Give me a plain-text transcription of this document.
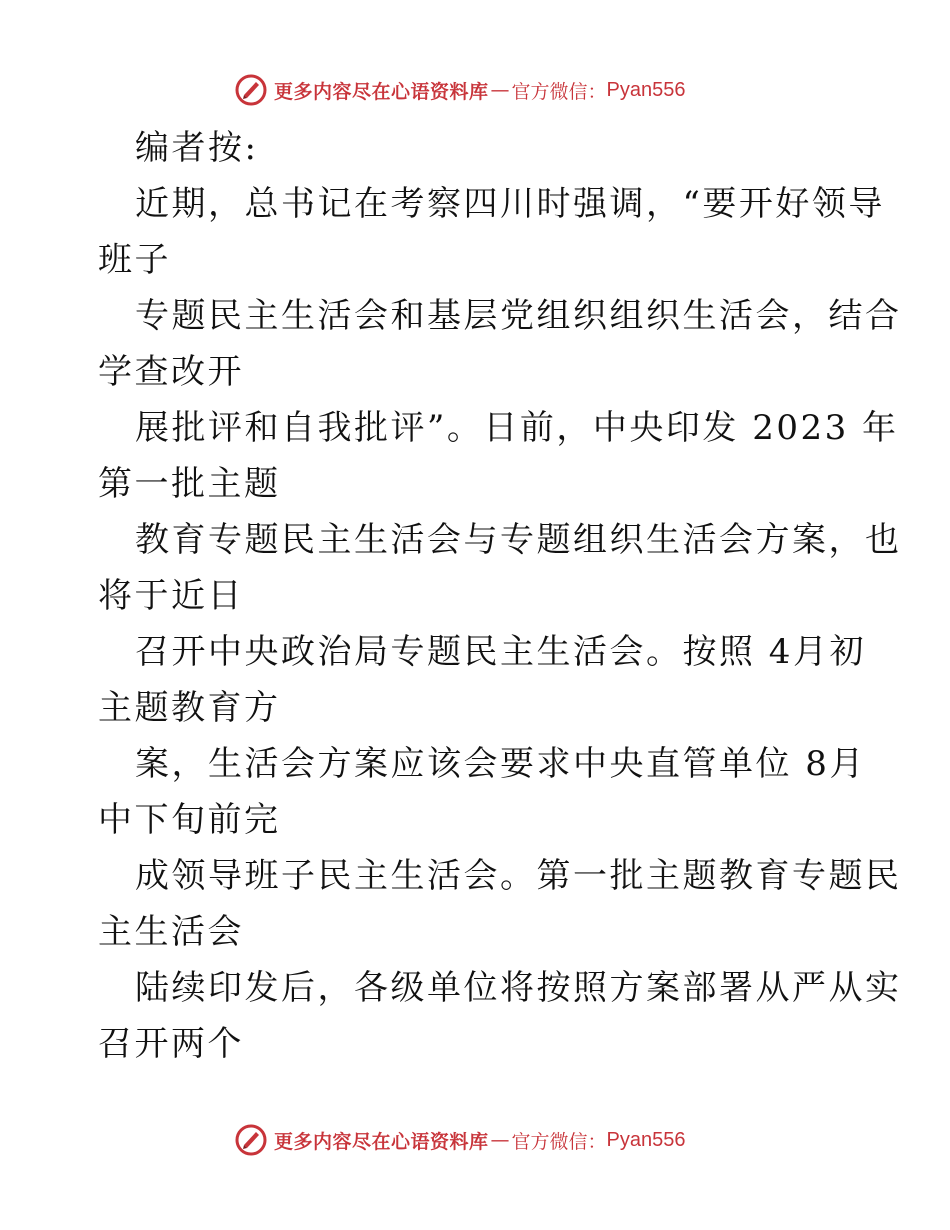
更多内容尽在心语资料库 — 官方微信： Pyan556
编者按:
近期，总书记在考察四川时强调，“要开好领导
班子
专题民主生活会和基层党组织组织生活会，结合
学查改开
展批评和自我批评”。日前，中央印发 2023 年
第一批主题
教育专题民主生活会与专题组织生活会方案，也
将于近日
召开中央政治局专题民主生活会。按照 4月初
主题教育方
案，生活会方案应该会要求中央直管单位 8月
中下旬前完
成领导班子民主生活会。第一批主题教育专题民
主生活会
陆续印发后，各级单位将按照方案部署从严从实
召开两个
更多内容尽在心语资料库 — 官方微信： Pyan556
